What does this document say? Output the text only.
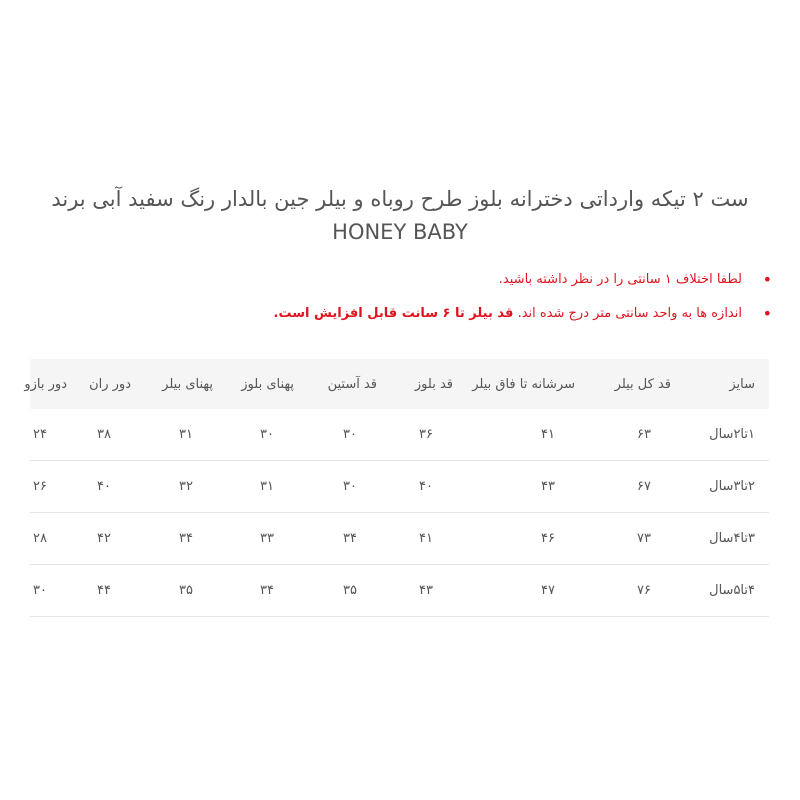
ست ۲ تیکه وارداتی دخترانه بلوز طرح روباه و بیلر جین بالدار رنگ سفید آبی برند
HONEY BABY
•
لطفا اختلاف ۱ سانتی را در نظر داشته باشید.
•
اندازه ها به واحد سانتی متر درج شده اند. قد بیلر تا ۶ سانت قابل افزایش است.
سایز	قد کل بیلر	سرشانه تا فاق بیلر	قد بلوز	قد آستین	پهنای بلوز	پهنای بیلر	دور ران	دور بازو
۱تا۲سال	۶۳	۴۱	۳۶	۳۰	۳۰	۳۱	۳۸	۲۴
۲تا۳سال	۶۷	۴۳	۴۰	۳۰	۳۱	۳۲	۴۰	۲۶
۳تا۴سال	۷۳	۴۶	۴۱	۳۴	۳۳	۳۴	۴۲	۲۸
۴تا۵سال	۷۶	۴۷	۴۳	۳۵	۳۴	۳۵	۴۴	۳۰
